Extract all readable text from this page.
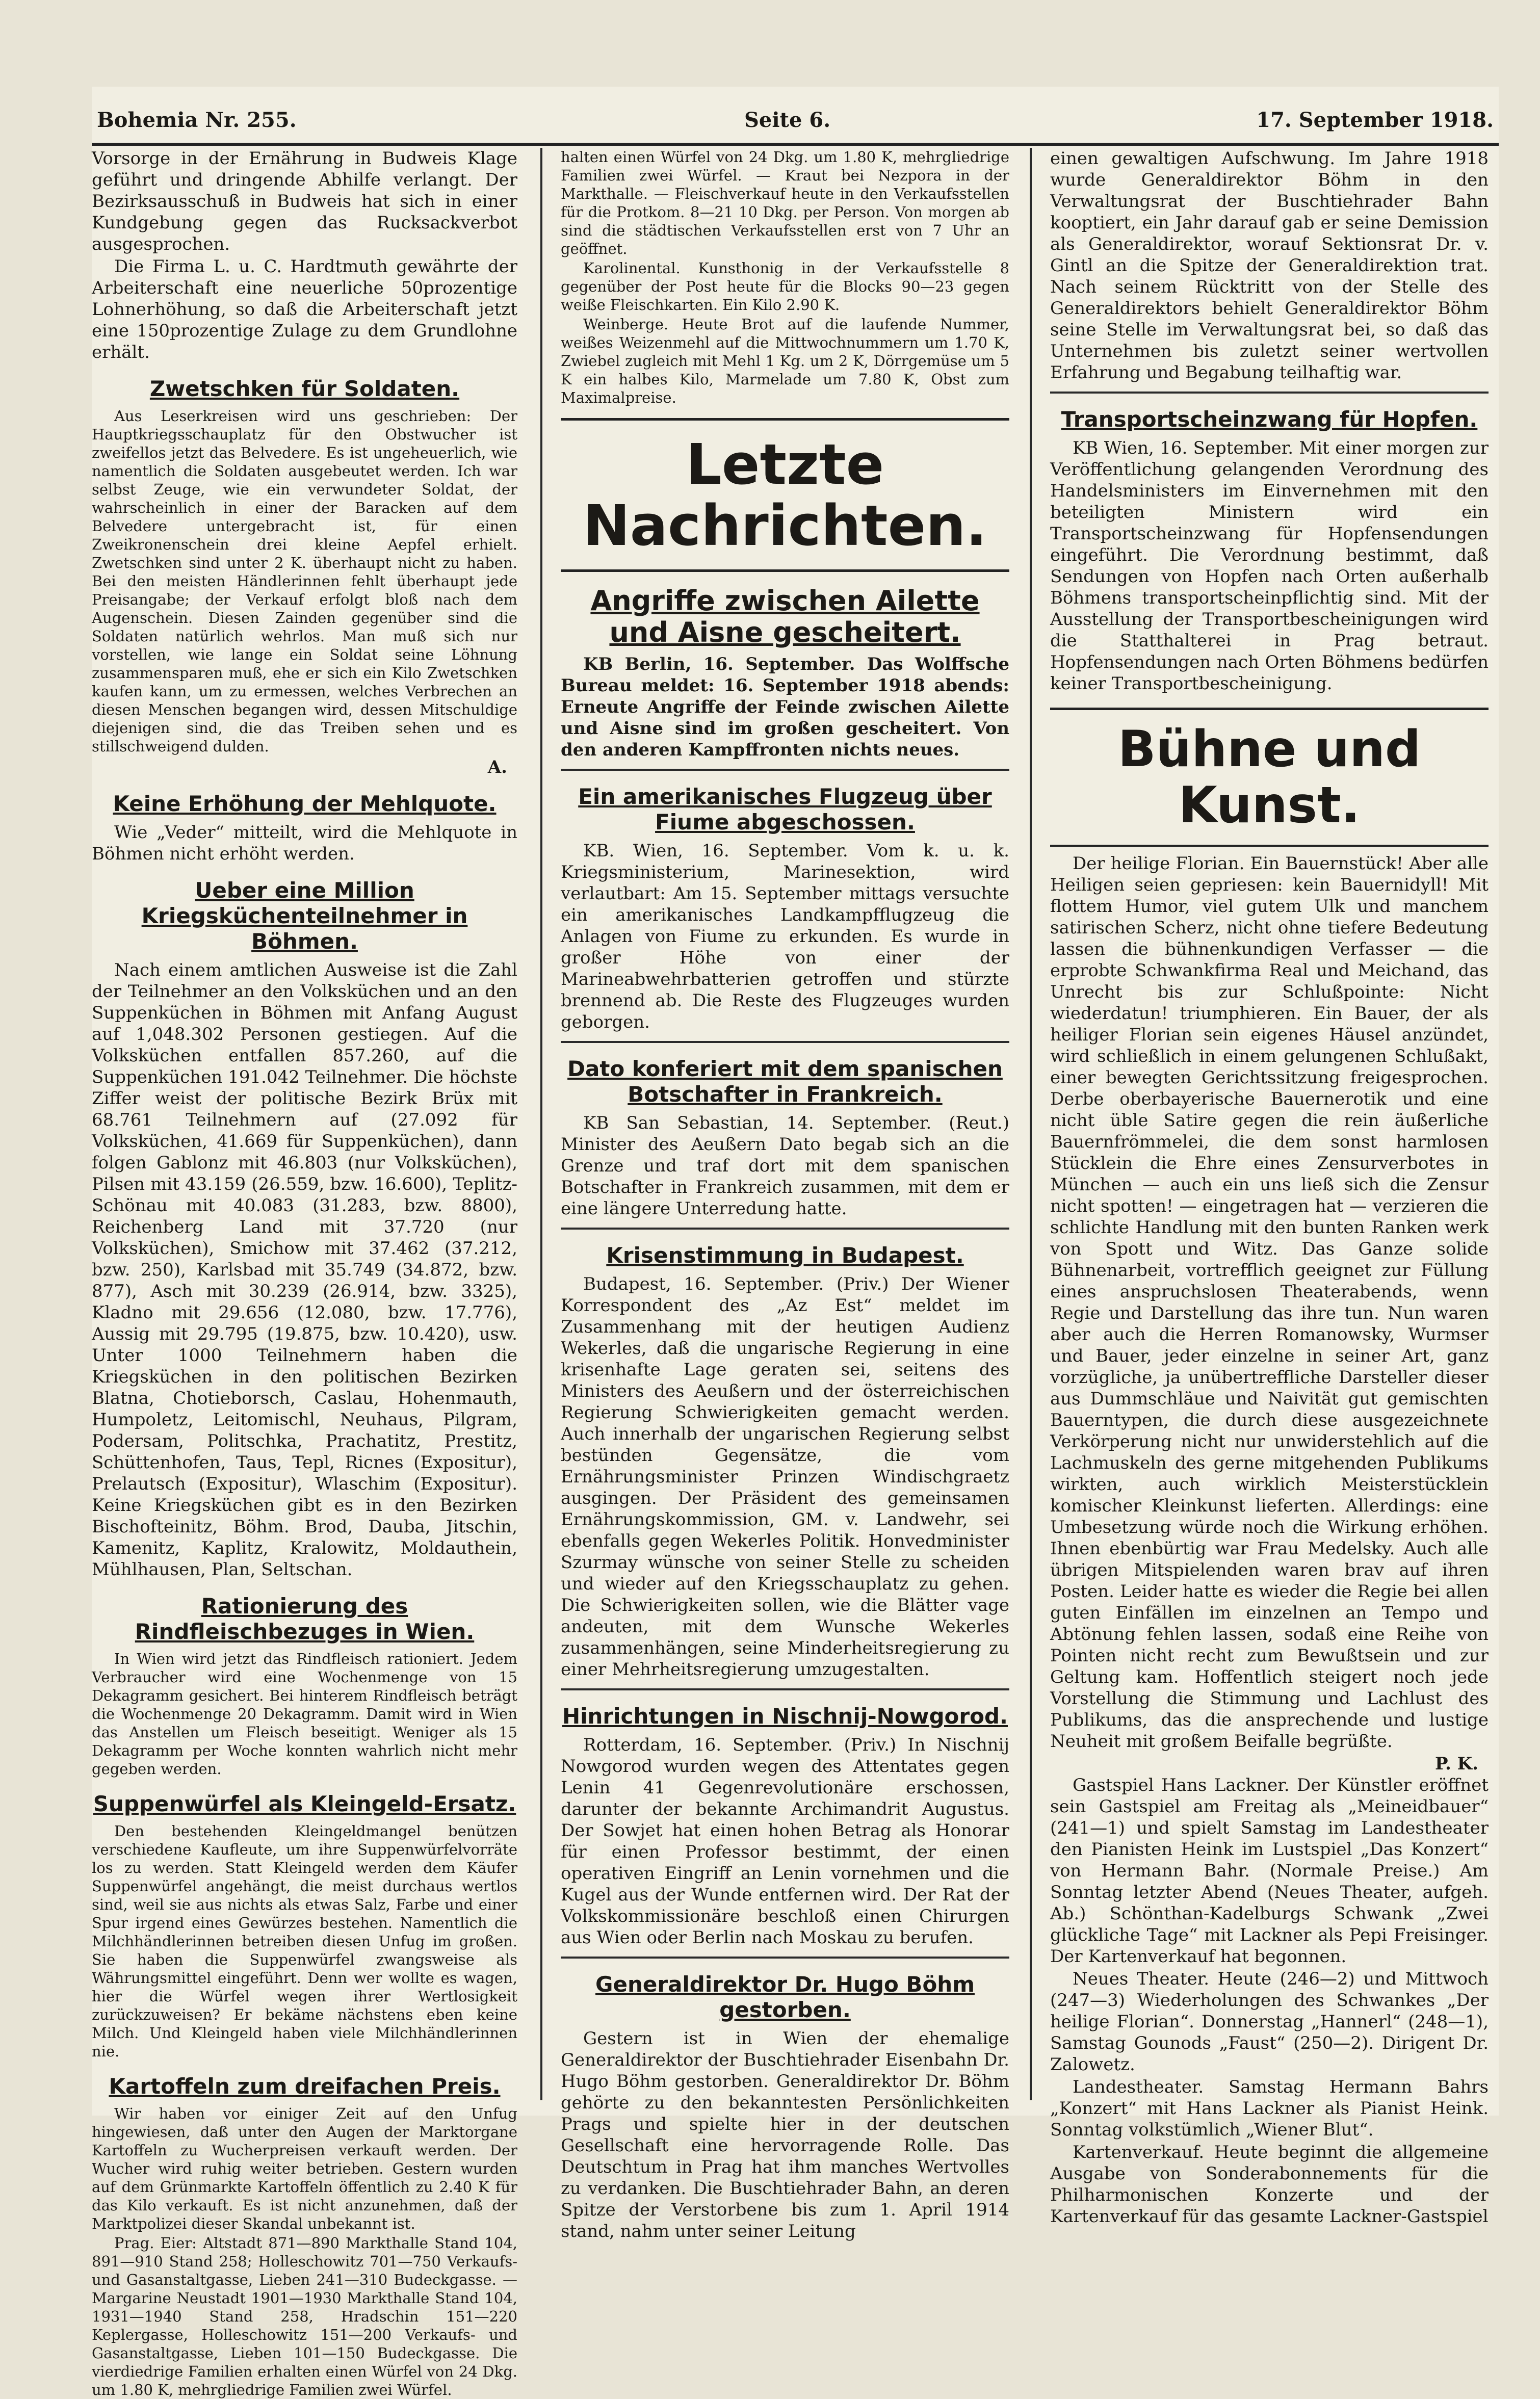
Bohemia Nr. 255.	Seite 6.	17. September 1918.

Vorsorge in der Ernährung in Budweis Klage geführt und dringende Abhilfe verlangt. Der Bezirksausschuß in Budweis hat sich in einer Kundgebung gegen das Rucksackverbot ausgesprochen.

Die Firma L. u. C. Hardtmuth gewährte der Arbeiterschaft eine neuerliche 50prozentige Lohnerhöhung, so daß die Arbeiterschaft jetzt eine 150prozentige Zulage zu dem Grundlohne erhält.

Zwetschken für Soldaten.

Aus Leserkreisen wird uns geschrieben: Der Hauptkriegsschauplatz für den Obstwucher ist zweifellos jetzt das Belvedere. Es ist ungeheuerlich, wie namentlich die Soldaten ausgebeutet werden. Ich war selbst Zeuge, wie ein verwundeter Soldat, der wahrscheinlich in einer der Baracken auf dem Belvedere untergebracht ist, für einen Zweikronenschein drei kleine Aepfel erhielt. Zwetschken sind unter 2 K. überhaupt nicht zu haben. Bei den meisten Händlerinnen fehlt überhaupt jede Preisangabe; der Verkauf erfolgt bloß nach dem Augenschein. Diesen Zainden gegenüber sind die Soldaten natürlich wehrlos. Man muß sich nur vorstellen, wie lange ein Soldat seine Löhnung zusammensparen muß, ehe er sich ein Kilo Zwetschken kaufen kann, um zu ermessen, welches Verbrechen an diesen Menschen begangen wird, dessen Mitschuldige diejenigen sind, die das Treiben sehen und es stillschweigend dulden.

A.
Keine Erhöhung der Mehlquote.

Wie „Veder“ mitteilt, wird die Mehlquote in Böhmen nicht erhöht werden.

Ueber eine Million Kriegsküchenteilnehmer in Böhmen.

Nach einem amtlichen Ausweise ist die Zahl der Teilnehmer an den Volksküchen und an den Suppenküchen in Böhmen mit Anfang August auf 1,048.302 Personen gestiegen. Auf die Volksküchen entfallen 857.260, auf die Suppenküchen 191.042 Teilnehmer. Die höchste Ziffer weist der politische Bezirk Brüx mit 68.761 Teilnehmern auf (27.092 für Volksküchen, 41.669 für Suppenküchen), dann folgen Gablonz mit 46.803 (nur Volksküchen), Pilsen mit 43.159 (26.559, bzw. 16.600), Teplitz-Schönau mit 40.083 (31.283, bzw. 8800), Reichenberg Land mit 37.720 (nur Volksküchen), Smichow mit 37.462 (37.212, bzw. 250), Karlsbad mit 35.749 (34.872, bzw. 877), Asch mit 30.239 (26.914, bzw. 3325), Kladno mit 29.656 (12.080, bzw. 17.776), Aussig mit 29.795 (19.875, bzw. 10.420), usw. Unter 1000 Teilnehmern haben die Kriegsküchen in den politischen Bezirken Blatna, Chotieborsch, Caslau, Hohenmauth, Humpoletz, Leitomischl, Neuhaus, Pilgram, Podersam, Politschka, Prachatitz, Prestitz, Schüttenhofen, Taus, Tepl, Ricnes (Expositur), Prelautsch (Expositur), Wlaschim (Expositur). Keine Kriegsküchen gibt es in den Bezirken Bischofteinitz, Böhm. Brod, Dauba, Jitschin, Kamenitz, Kaplitz, Kralowitz, Moldauthein, Mühlhausen, Plan, Seltschan.

Rationierung des Rindfleischbezuges in Wien.

In Wien wird jetzt das Rindfleisch rationiert. Jedem Verbraucher wird eine Wochenmenge von 15 Dekagramm gesichert. Bei hinterem Rindfleisch beträgt die Wochenmenge 20 Dekagramm. Damit wird in Wien das Anstellen um Fleisch beseitigt. Weniger als 15 Dekagramm per Woche konnten wahrlich nicht mehr gegeben werden.

Suppenwürfel als Kleingeld-Ersatz.

Den bestehenden Kleingeldmangel benützen verschiedene Kaufleute, um ihre Suppenwürfelvorräte los zu werden. Statt Kleingeld werden dem Käufer Suppenwürfel angehängt, die meist durchaus wertlos sind, weil sie aus nichts als etwas Salz, Farbe und einer Spur irgend eines Gewürzes bestehen. Namentlich die Milchhändlerinnen betreiben diesen Unfug im großen. Sie haben die Suppenwürfel zwangsweise als Währungsmittel eingeführt. Denn wer wollte es wagen, hier die Würfel wegen ihrer Wertlosigkeit zurückzuweisen? Er bekäme nächstens eben keine Milch. Und Kleingeld haben viele Milchhändlerinnen nie.

Kartoffeln zum dreifachen Preis.

Wir haben vor einiger Zeit auf den Unfug hingewiesen, daß unter den Augen der Marktorgane Kartoffeln zu Wucherpreisen verkauft werden. Der Wucher wird ruhig weiter betrieben. Gestern wurden auf dem Grünmarkte Kartoffeln öffentlich zu 2.40 K für das Kilo verkauft. Es ist nicht anzunehmen, daß der Marktpolizei dieser Skandal unbekannt ist.

Prag. Eier: Altstadt 871—890 Markthalle Stand 104, 891—910 Stand 258; Holleschowitz 701—750 Verkaufs- und Gasanstaltgasse, Lieben 241—310 Budeckgasse. — Margarine Neustadt 1901—1930 Markthalle Stand 104, 1931—1940 Stand 258, Hradschin 151—220 Keplergasse, Holleschowitz 151—200 Verkaufs- und Gasanstaltgasse, Lieben 101—150 Budeckgasse. Die vierdiedrige Familien erhalten einen Würfel von 24 Dkg. um 1.80 K, mehrgliedrige Familien zwei Würfel.

halten einen Würfel von 24 Dkg. um 1.80 K, mehrgliedrige Familien zwei Würfel. — Kraut bei Nezpora in der Markthalle. — Fleischverkauf heute in den Verkaufsstellen für die Protkom. 8—21 10 Dkg. per Person. Von morgen ab sind die städtischen Verkaufsstellen erst von 7 Uhr an geöffnet.

Karolinental. Kunsthonig in der Verkaufsstelle 8 gegenüber der Post heute für die Blocks 90—23 gegen weiße Fleischkarten. Ein Kilo 2.90 K.

Weinberge. Heute Brot auf die laufende Nummer, weißes Weizenmehl auf die Mittwochnummern um 1.70 K, Zwiebel zugleich mit Mehl 1 Kg. um 2 K, Dörrgemüse um 5 K ein halbes Kilo, Marmelade um 7.80 K, Obst zum Maximalpreise.

Letzte Nachrichten.
Angriffe zwischen Ailette und Aisne gescheitert.

KB Berlin, 16. September. Das Wolffsche Bureau meldet: 16. September 1918 abends: Erneute Angriffe der Feinde zwischen Ailette und Aisne sind im großen gescheitert. Von den anderen Kampffronten nichts neues.

Ein amerikanisches Flugzeug über Fiume abgeschossen.

KB. Wien, 16. September. Vom k. u. k. Kriegsministerium, Marinesektion, wird verlautbart: Am 15. September mittags versuchte ein amerikanisches Landkampfflugzeug die Anlagen von Fiume zu erkunden. Es wurde in großer Höhe von einer der Marineabwehrbatterien getroffen und stürzte brennend ab. Die Reste des Flugzeuges wurden geborgen.

Dato konferiert mit dem spanischen Botschafter in Frankreich.

KB San Sebastian, 14. September. (Reut.) Minister des Aeußern Dato begab sich an die Grenze und traf dort mit dem spanischen Botschafter in Frankreich zusammen, mit dem er eine längere Unterredung hatte.

Krisenstimmung in Budapest.

Budapest, 16. September. (Priv.) Der Wiener Korrespondent des „Az Est“ meldet im Zusammenhang mit der heutigen Audienz Wekerles, daß die ungarische Regierung in eine krisenhafte Lage geraten sei, seitens des Ministers des Aeußern und der österreichischen Regierung Schwierigkeiten gemacht werden. Auch innerhalb der ungarischen Regierung selbst bestünden Gegensätze, die vom Ernährungsminister Prinzen Windischgraetz ausgingen. Der Präsident des gemeinsamen Ernährungskommission, GM. v. Landwehr, sei ebenfalls gegen Wekerles Politik. Honvedminister Szurmay wünsche von seiner Stelle zu scheiden und wieder auf den Kriegsschauplatz zu gehen. Die Schwierigkeiten sollen, wie die Blätter vage andeuten, mit dem Wunsche Wekerles zusammenhängen, seine Minderheitsregierung zu einer Mehrheitsregierung umzugestalten.

Hinrichtungen in Nischnij-Nowgorod.

Rotterdam, 16. September. (Priv.) In Nischnij Nowgorod wurden wegen des Attentates gegen Lenin 41 Gegenrevolutionäre erschossen, darunter der bekannte Archimandrit Augustus. Der Sowjet hat einen hohen Betrag als Honorar für einen Professor bestimmt, der einen operativen Eingriff an Lenin vornehmen und die Kugel aus der Wunde entfernen wird. Der Rat der Volkskommissionäre beschloß einen Chirurgen aus Wien oder Berlin nach Moskau zu berufen.

Generaldirektor Dr. Hugo Böhm gestorben.

Gestern ist in Wien der ehemalige Generaldirektor der Buschtiehrader Eisenbahn Dr. Hugo Böhm gestorben. Generaldirektor Dr. Böhm gehörte zu den bekanntesten Persönlichkeiten Prags und spielte hier in der deutschen Gesellschaft eine hervorragende Rolle. Das Deutschtum in Prag hat ihm manches Wertvolles zu verdanken. Die Buschtiehrader Bahn, an deren Spitze der Verstorbene bis zum 1. April 1914 stand, nahm unter seiner Leitung

einen gewaltigen Aufschwung. Im Jahre 1918 wurde Generaldirektor Böhm in den Verwaltungsrat der Buschtiehrader Bahn kooptiert, ein Jahr darauf gab er seine Demission als Generaldirektor, worauf Sektionsrat Dr. v. Gintl an die Spitze der Generaldirektion trat. Nach seinem Rücktritt von der Stelle des Generaldirektors behielt Generaldirektor Böhm seine Stelle im Verwaltungsrat bei, so daß das Unternehmen bis zuletzt seiner wertvollen Erfahrung und Begabung teilhaftig war.

Transportscheinzwang für Hopfen.

KB Wien, 16. September. Mit einer morgen zur Veröffentlichung gelangenden Verordnung des Handelsministers im Einvernehmen mit den beteiligten Ministern wird ein Transportscheinzwang für Hopfensendungen eingeführt. Die Verordnung bestimmt, daß Sendungen von Hopfen nach Orten außerhalb Böhmens transportscheinpflichtig sind. Mit der Ausstellung der Transportbescheinigungen wird die Statthalterei in Prag betraut. Hopfensendungen nach Orten Böhmens bedürfen keiner Transportbescheinigung.

Bühne und Kunst.

Der heilige Florian. Ein Bauernstück! Aber alle Heiligen seien gepriesen: kein Bauernidyll! Mit flottem Humor, viel gutem Ulk und manchem satirischen Scherz, nicht ohne tiefere Bedeutung lassen die bühnenkundigen Verfasser — die erprobte Schwankfirma Real und Meichand, das Unrecht bis zur Schlußpointe: Nicht wiederdatun! triumphieren. Ein Bauer, der als heiliger Florian sein eigenes Häusel anzündet, wird schließlich in einem gelungenen Schlußakt, einer bewegten Gerichtssitzung freigesprochen. Derbe oberbayerische Bauernerotik und eine nicht üble Satire gegen die rein äußerliche Bauernfrömmelei, die dem sonst harmlosen Stücklein die Ehre eines Zensurverbotes in München — auch ein uns ließ sich die Zensur nicht spotten! — eingetragen hat — verzieren die schlichte Handlung mit den bunten Ranken werk von Spott und Witz. Das Ganze solide Bühnenarbeit, vortrefflich geeignet zur Füllung eines anspruchslosen Theaterabends, wenn Regie und Darstellung das ihre tun. Nun waren aber auch die Herren Romanowsky, Wurmser und Bauer, jeder einzelne in seiner Art, ganz vorzügliche, ja unübertreffliche Darsteller dieser aus Dummschläue und Naivität gut gemischten Bauerntypen, die durch diese ausgezeichnete Verkörperung nicht nur unwiderstehlich auf die Lachmuskeln des gerne mitgehenden Publikums wirkten, auch wirklich Meisterstücklein komischer Kleinkunst lieferten. Allerdings: eine Umbesetzung würde noch die Wirkung erhöhen. Ihnen ebenbürtig war Frau Medelsky. Auch alle übrigen Mitspielenden waren brav auf ihren Posten. Leider hatte es wieder die Regie bei allen guten Einfällen im einzelnen an Tempo und Abtönung fehlen lassen, sodaß eine Reihe von Pointen nicht recht zum Bewußtsein und zur Geltung kam. Hoffentlich steigert noch jede Vorstellung die Stimmung und Lachlust des Publikums, das die ansprechende und lustige Neuheit mit großem Beifalle begrüßte.

P. K.

Gastspiel Hans Lackner. Der Künstler eröffnet sein Gastspiel am Freitag als „Meineidbauer“ (241—1) und spielt Samstag im Landestheater den Pianisten Heink im Lustspiel „Das Konzert“ von Hermann Bahr. (Normale Preise.) Am Sonntag letzter Abend (Neues Theater, aufgeh. Ab.) Schönthan-Kadelburgs Schwank „Zwei glückliche Tage“ mit Lackner als Pepi Freisinger. Der Kartenverkauf hat begonnen.

Neues Theater. Heute (246—2) und Mittwoch (247—3) Wiederholungen des Schwankes „Der heilige Florian“. Donnerstag „Hannerl“ (248—1), Samstag Gounods „Faust“ (250—2). Dirigent Dr. Zalowetz.

Landestheater. Samstag Hermann Bahrs „Konzert“ mit Hans Lackner als Pianist Heink. Sonntag volkstümlich „Wiener Blut“.

Kartenverkauf. Heute beginnt die allgemeine Ausgabe von Sonderabonnements für die Philharmonischen Konzerte und der Kartenverkauf für das gesamte Lackner-Gastspiel
